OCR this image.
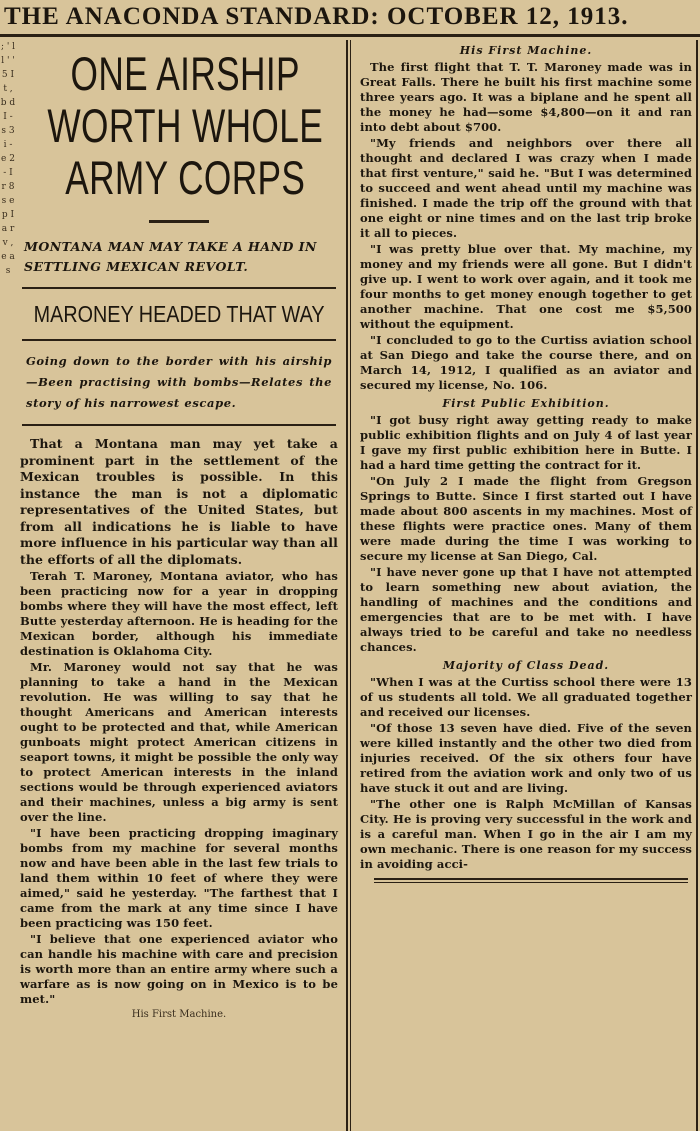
THE ANACONDA STANDARD: OCTOBER 12, 1913.
; ' l l ' ' 5 I t , b d I - s 3 i - e 2 - I r 8 s e p I a r v , e a s
ONE AIRSHIP WORTH WHOLE ARMY CORPS
MONTANA MAN MAY TAKE A HAND IN SETTLING MEXICAN REVOLT.
MARONEY HEADED THAT WAY
Going down to the border with his airship—Been practising with bombs—Relates the story of his narrowest escape.

That a Montana man may yet take a prominent part in the settlement of the Mexican troubles is possible. In this instance the man is not a diplomatic representatives of the United States, but from all indications he is liable to have more influence in his particular way than all the efforts of all the diplomats.

Terah T. Maroney, Montana aviator, who has been practicing now for a year in dropping bombs where they will have the most effect, left Butte yesterday afternoon. He is heading for the Mexican border, although his immediate destination is Oklahoma City.

Mr. Maroney would not say that he was planning to take a hand in the Mexican revolution. He was willing to say that he thought Americans and American interests ought to be protected and that, while American gunboats might protect American citizens in seaport towns, it might be possible the only way to protect American interests in the inland sections would be through experienced aviators and their machines, unless a big army is sent over the line.

"I have been practicing dropping imaginary bombs from my machine for several months now and have been able in the last few trials to land them within 10 feet of where they were aimed," said he yesterday. "The farthest that I came from the mark at any time since I have been practicing was 150 feet.

"I believe that one experienced aviator who can handle his machine with care and precision is worth more than an entire army where such a warfare as is now going on in Mexico is to be met."

His First Machine.
His First Machine.

The first flight that T. T. Maroney made was in Great Falls. There he built his first machine some three years ago. It was a biplane and he spent all the money he had—some $4,800—on it and ran into debt about $700.

"My friends and neighbors over there all thought and declared I was crazy when I made that first venture," said he. "But I was determined to succeed and went ahead until my machine was finished. I made the trip off the ground with that one eight or nine times and on the last trip broke it all to pieces.

"I was pretty blue over that. My machine, my money and my friends were all gone. But I didn't give up. I went to work over again, and it took me four months to get money enough together to get another machine. That one cost me $5,500 without the equipment.

"I concluded to go to the Curtiss aviation school at San Diego and take the course there, and on March 14, 1912, I qualified as an aviator and secured my license, No. 106.

First Public Exhibition.

"I got busy right away getting ready to make public exhibition flights and on July 4 of last year I gave my first public exhibition here in Butte. I had a hard time getting the contract for it.

"On July 2 I made the flight from Gregson Springs to Butte. Since I first started out I have made about 800 ascents in my machines. Most of these flights were practice ones. Many of them were made during the time I was working to secure my license at San Diego, Cal.

"I have never gone up that I have not attempted to learn something new about aviation, the handling of machines and the conditions and emergencies that are to be met with. I have always tried to be careful and take no needless chances.

Majority of Class Dead.

"When I was at the Curtiss school there were 13 of us students all told. We all graduated together and received our licenses.

"Of those 13 seven have died. Five of the seven were killed instantly and the other two died from injuries received. Of the six others four have retired from the aviation work and only two of us have stuck it out and are living.

"The other one is Ralph McMillan of Kansas City. He is proving very successful in the work and is a careful man. When I go in the air I am my own mechanic. There is one reason for my success in avoiding acci-
